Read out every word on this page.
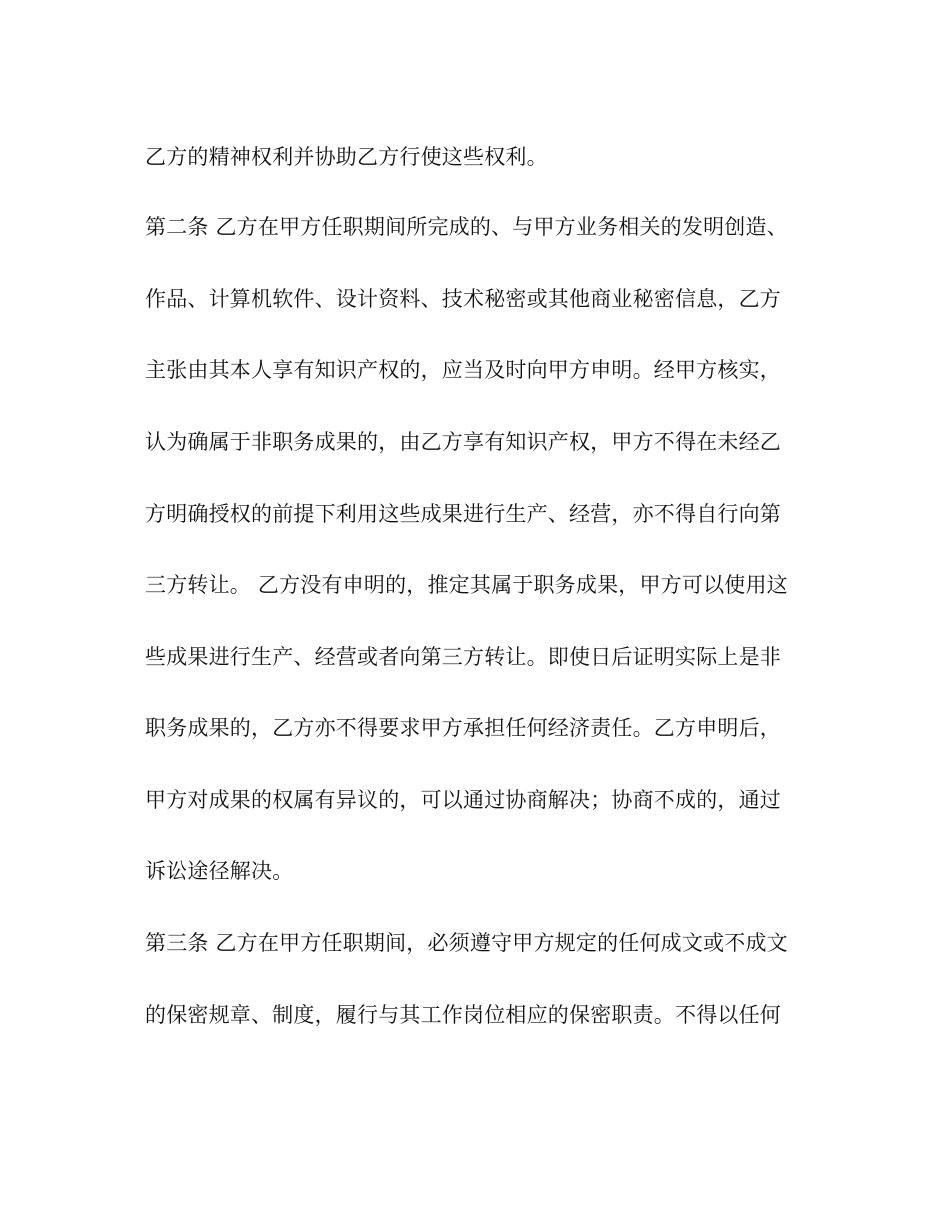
乙方的精神权利并协助乙方行使这些权利。
第二条 乙方在甲方任职期间所完成的、与甲方业务相关的发明创造、
作品、计算机软件、设计资料、技术秘密或其他商业秘密信息，乙方
主张由其本人享有知识产权的，应当及时向甲方申明。经甲方核实，
认为确属于非职务成果的，由乙方享有知识产权，甲方不得在未经乙
方明确授权的前提下利用这些成果进行生产、经营，亦不得自行向第
三方转让。 乙方没有申明的，推定其属于职务成果，甲方可以使用这
些成果进行生产、经营或者向第三方转让。即使日后证明实际上是非
职务成果的，乙方亦不得要求甲方承担任何经济责任。乙方申明后，
甲方对成果的权属有异议的，可以通过协商解决；协商不成的，通过
诉讼途径解决。
第三条 乙方在甲方任职期间，必须遵守甲方规定的任何成文或不成文
的保密规章、制度，履行与其工作岗位相应的保密职责。不得以任何
